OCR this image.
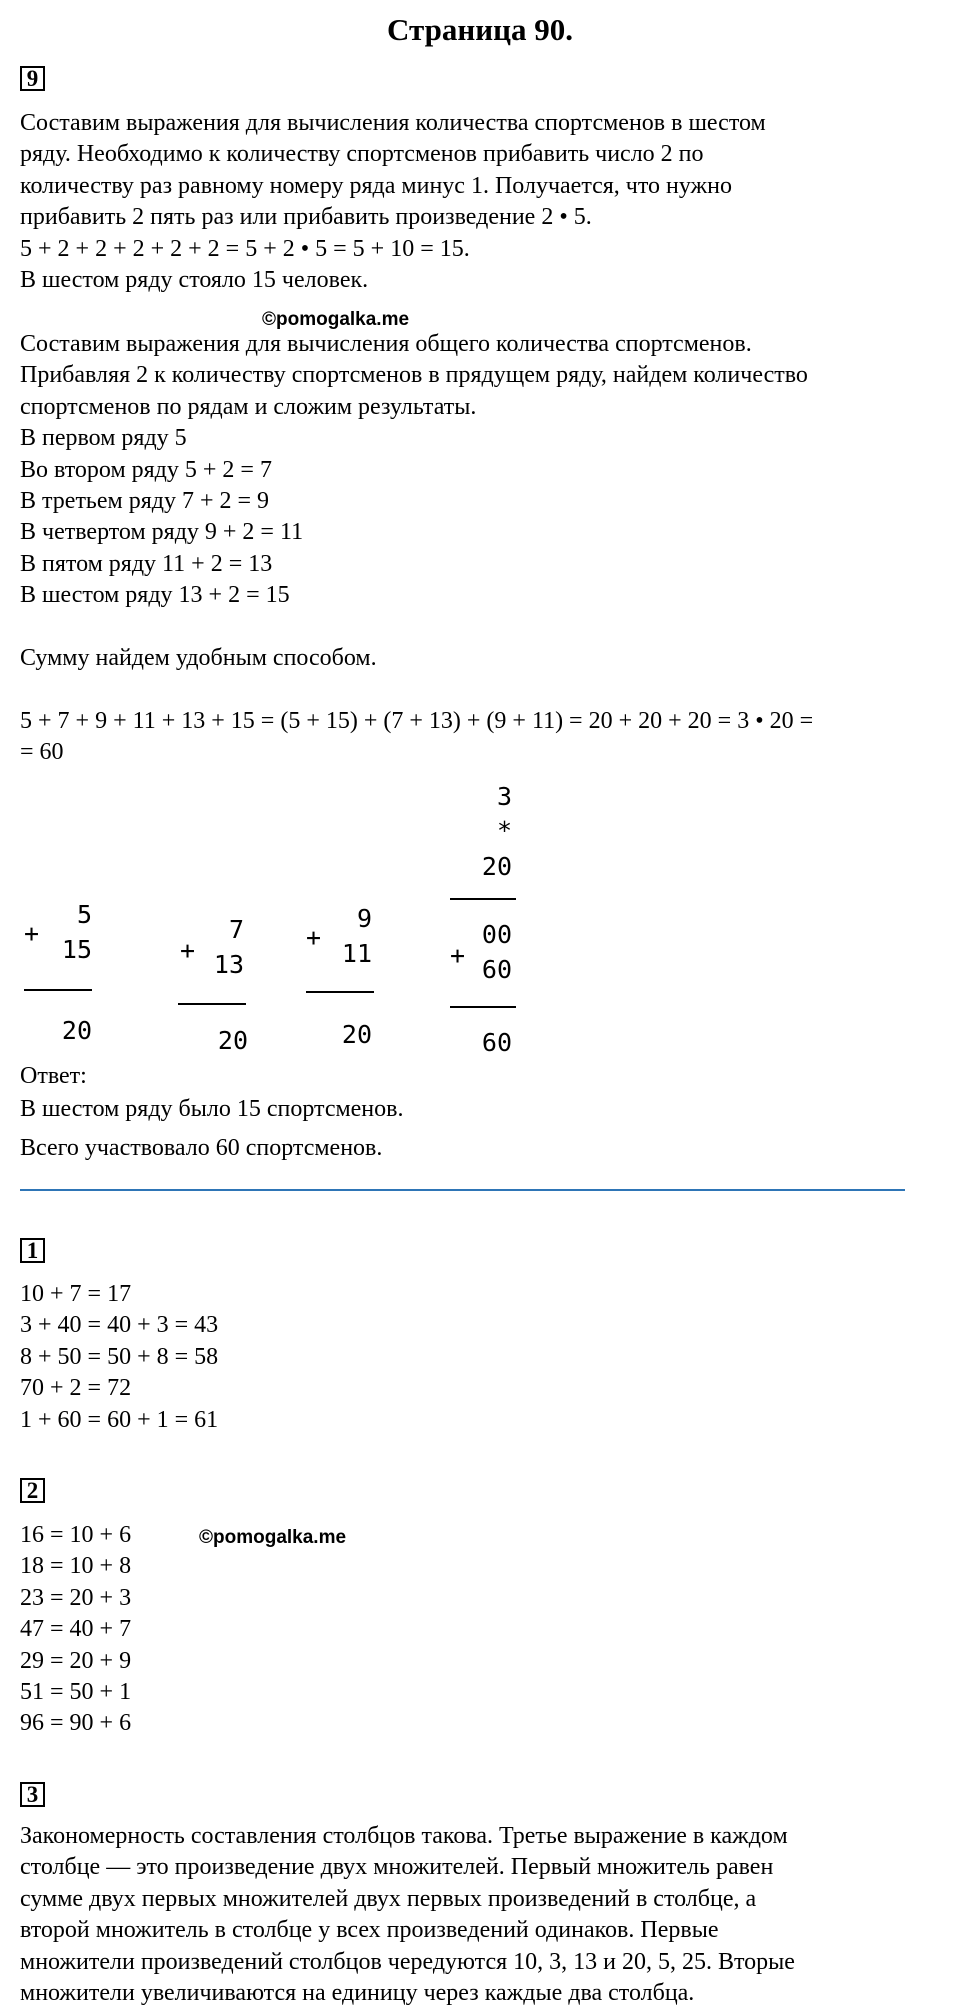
Страница 90.
9
Составим выражения для вычисления количества спортсменов в шестом
ряду. Необходимо к количеству спортсменов прибавить число 2 по
количеству раз равному номеру ряда минус 1. Получается, что нужно
прибавить 2 пять раз или прибавить произведение 2 • 5.
5 + 2 + 2 + 2 + 2 + 2 = 5 + 2 • 5 = 5 + 10 = 15.
В шестом ряду стояло 15 человек.
©pomogalka.me
Составим выражения для вычисления общего количества спортсменов.
Прибавляя 2 к количеству спортсменов в прядущем ряду, найдем количество
спортсменов по рядам и сложим результаты.
В первом ряду 5
Во втором ряду 5 + 2 = 7
В третьем ряду 7 + 2 = 9
В четвертом ряду 9 + 2 = 11
В пятом ряду 11 + 2 = 13
В шестом ряду 13 + 2 = 15
Сумму найдем удобным способом.
5 + 7 + 9 + 11 + 13 + 15 = (5 + 15) + (7 + 13) + (9 + 11) = 20 + 20 + 20 = 3 • 20 =
= 60
+
5
15
20
+
7
13
20
+
9
11
20
3
*
20
+
00
60
60
Ответ:
В шестом ряду было 15 спортсменов.
Всего участвовало 60 спортсменов.
1
10 + 7 = 17
3 + 40 = 40 + 3 = 43
8 + 50 = 50 + 8 = 58
70 + 2 = 72
1 + 60 = 60 + 1 = 61
2
16 = 10 + 6
18 = 10 + 8
23 = 20 + 3
47 = 40 + 7
29 = 20 + 9
51 = 50 + 1
96 = 90 + 6
©pomogalka.me
3
Закономерность составления столбцов такова. Третье выражение в каждом
столбце — это произведение двух множителей. Первый множитель равен
сумме двух первых множителей двух первых произведений в столбце, а
второй множитель в столбце у всех произведений одинаков. Первые
множители произведений столбцов чередуются 10, 3, 13 и 20, 5, 25. Вторые
множители увеличиваются на единицу через каждые два столбца.
